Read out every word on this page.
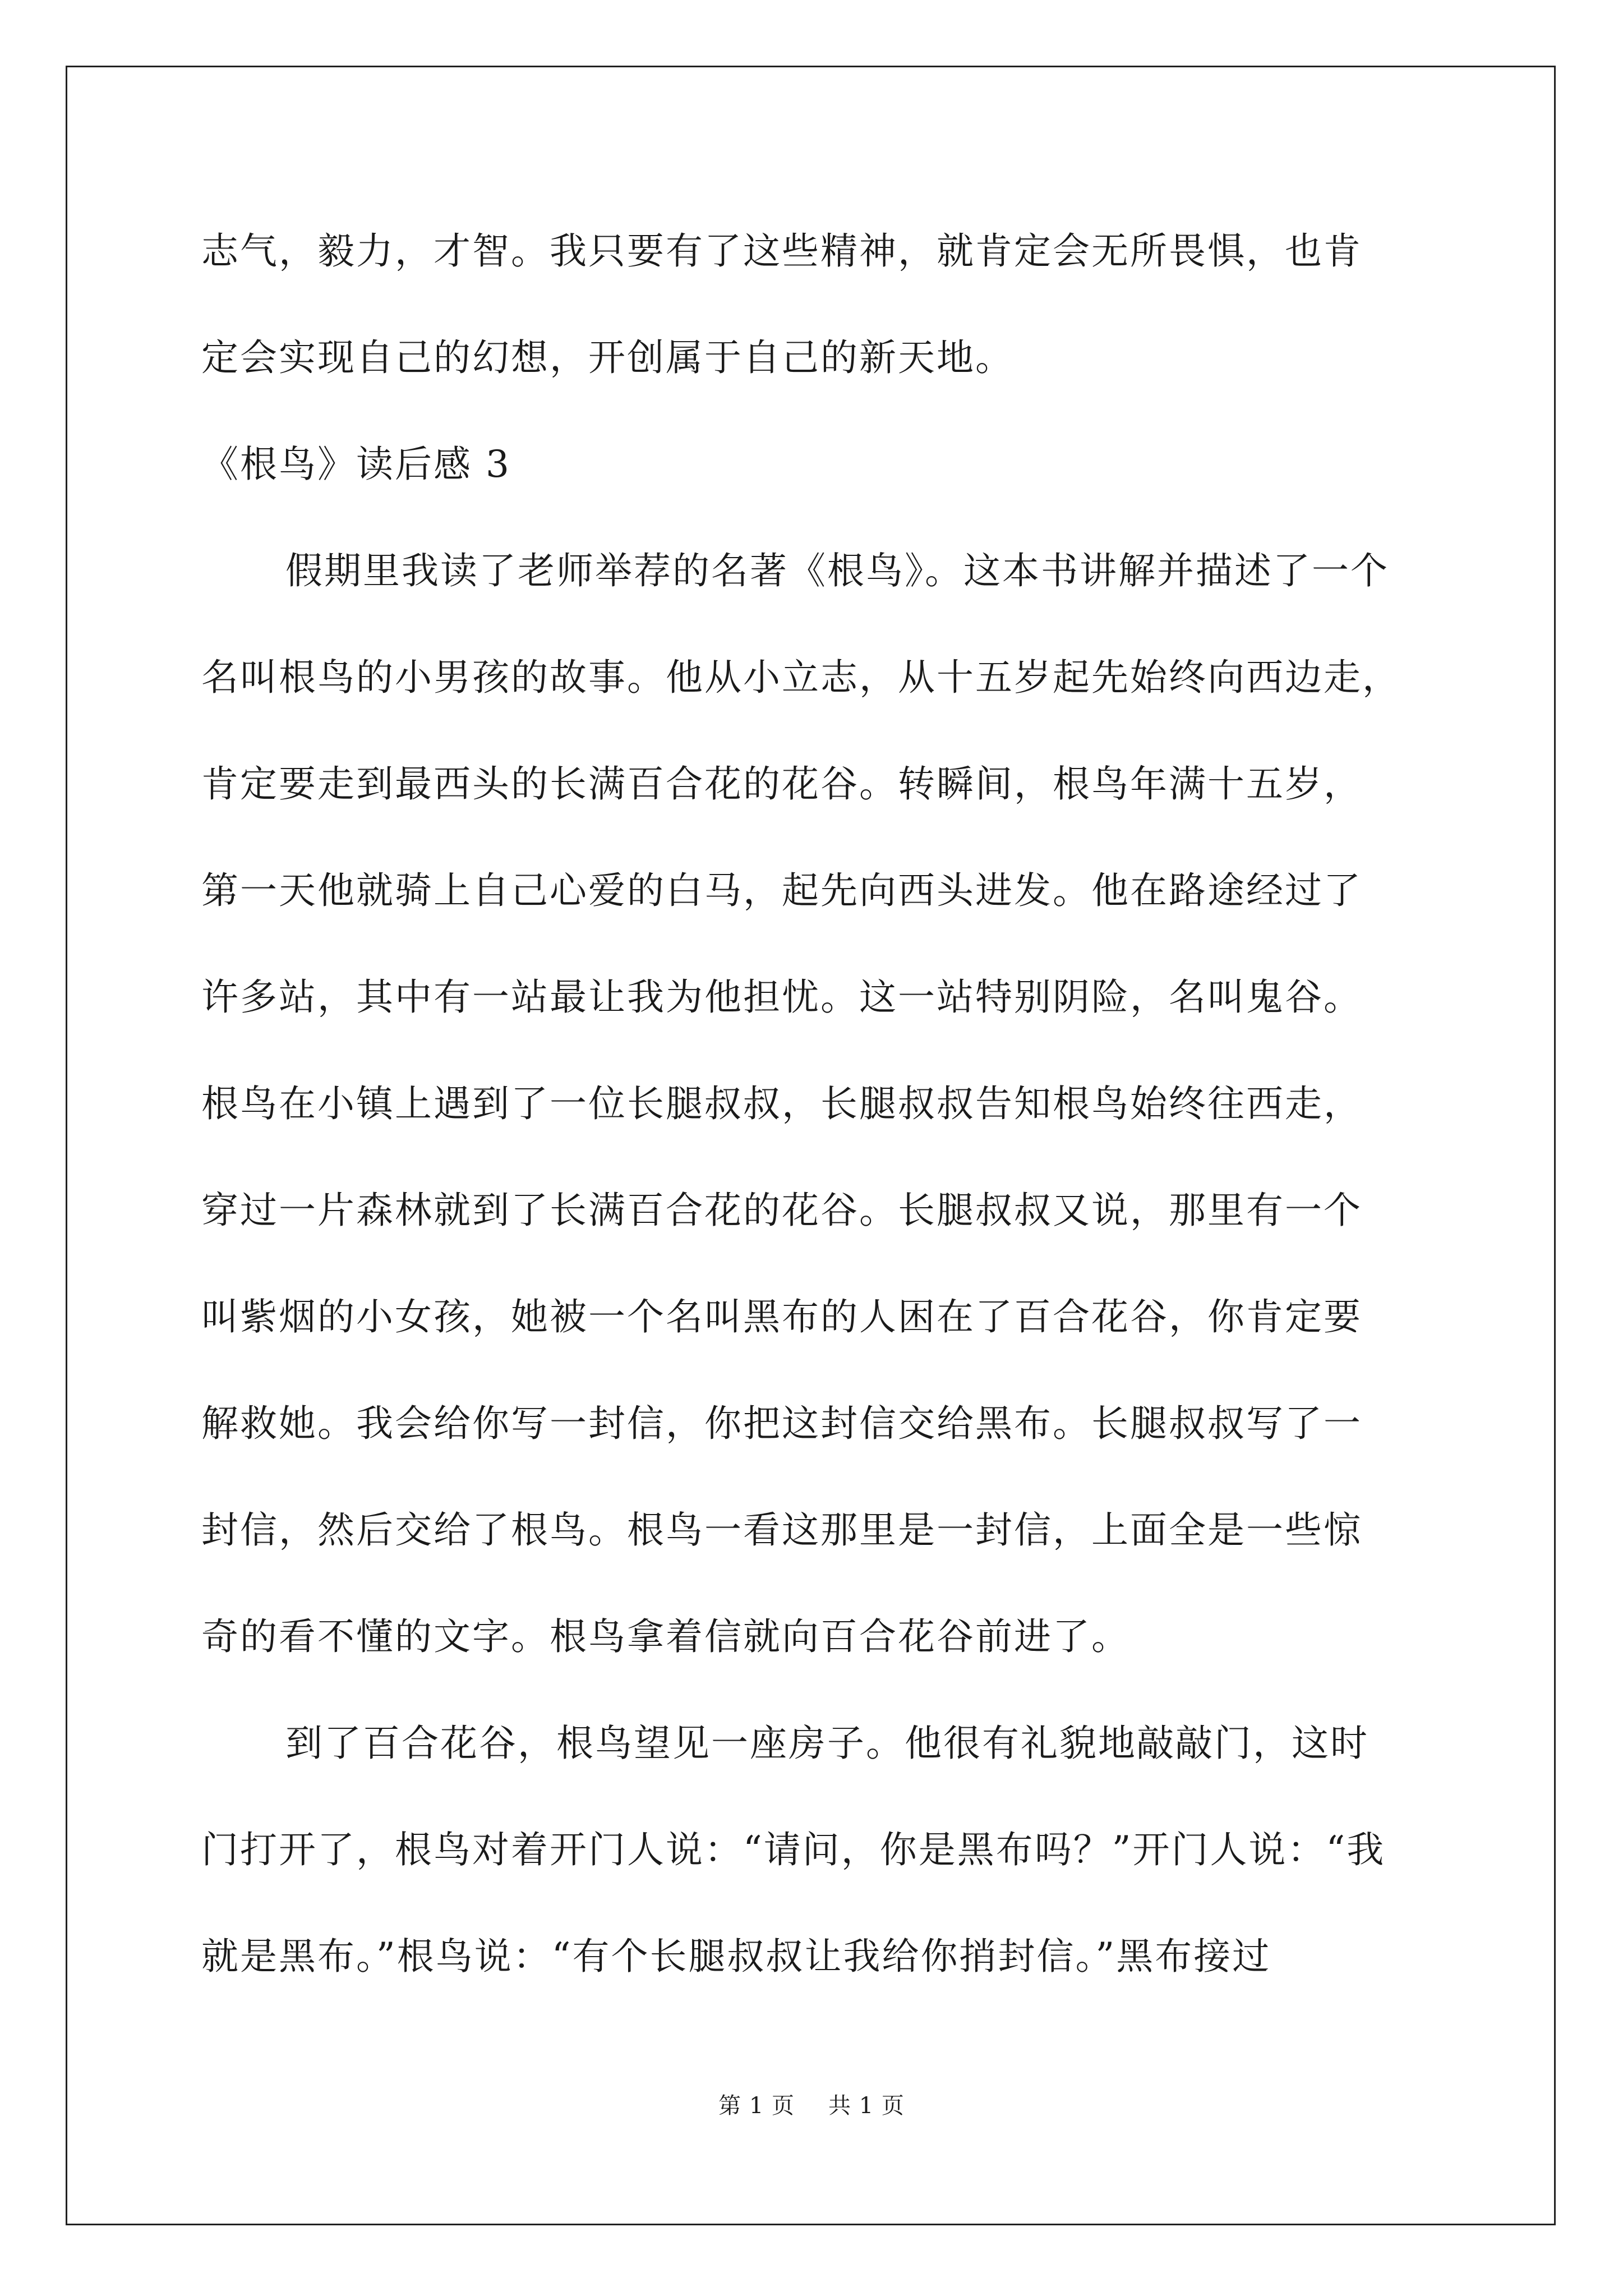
志气，毅力，才智。我只要有了这些精神，就肯定会无所畏惧，也肯
定会实现自己的幻想，开创属于自己的新天地。
《根鸟》读后感 3
假期里我读了老师举荐的名著《根鸟》。这本书讲解并描述了一个
名叫根鸟的小男孩的故事。他从小立志，从十五岁起先始终向西边走，
肯定要走到最西头的长满百合花的花谷。转瞬间，根鸟年满十五岁，
第一天他就骑上自己心爱的白马，起先向西头进发。他在路途经过了
许多站，其中有一站最让我为他担忧。这一站特别阴险，名叫鬼谷。
根鸟在小镇上遇到了一位长腿叔叔，长腿叔叔告知根鸟始终往西走，
穿过一片森林就到了长满百合花的花谷。长腿叔叔又说，那里有一个
叫紫烟的小女孩，她被一个名叫黑布的人困在了百合花谷，你肯定要
解救她。我会给你写一封信，你把这封信交给黑布。长腿叔叔写了一
封信，然后交给了根鸟。根鸟一看这那里是一封信，上面全是一些惊
奇的看不懂的文字。根鸟拿着信就向百合花谷前进了。
到了百合花谷，根鸟望见一座房子。他很有礼貌地敲敲门，这时
门打开了，根鸟对着开门人说：“请问，你是黑布吗？”开门人说：“我
就是黑布。”根鸟说：“有个长腿叔叔让我给你捎封信。”黑布接过
第 1 页 共 1 页
